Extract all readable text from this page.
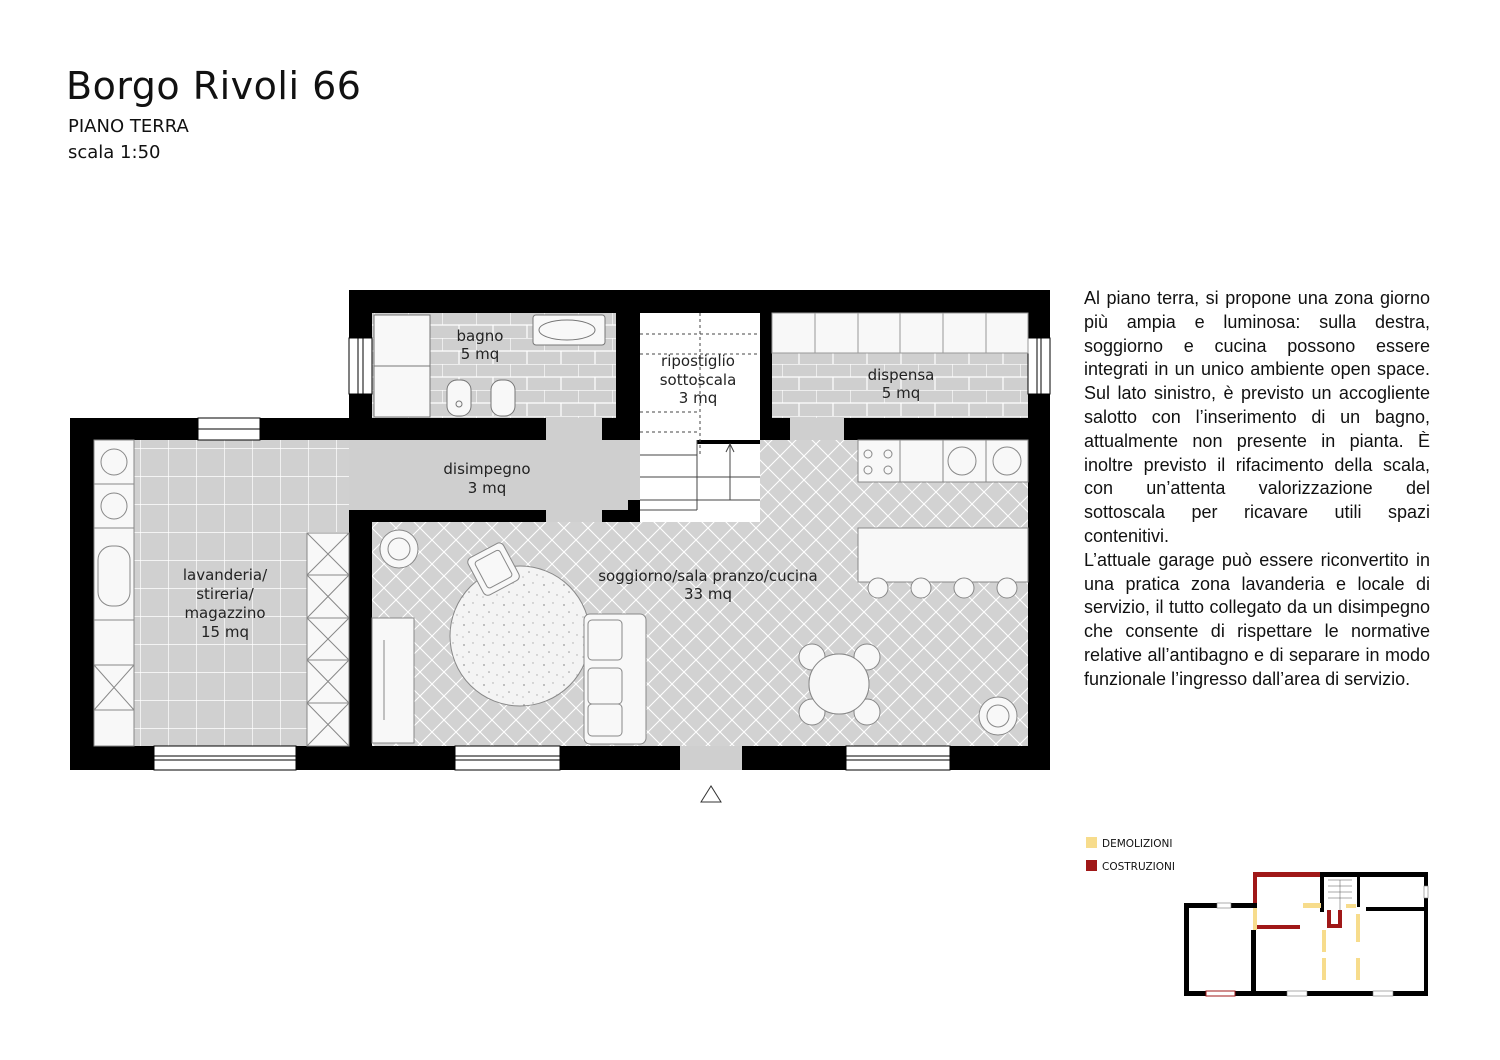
Borgo Rivoli 66
PIANO TERRA
scala 1:50
bagno
5 mq	ripostiglio
sottoscala
3 mq
dispensa
5 mq
disimpegno
3 mq
lavanderia/
stireria/
magazzino
15 mq
soggiorno/sala pranzo/cucina
33 mq
Al piano terra, si propone una zona giorno più ampia e luminosa: sulla destra, soggiorno e cucina possono essere integrati in un unico ambiente open space. Sul lato sinistro, è previsto un accogliente salotto con l’inserimento di un bagno, attualmente non presente in pianta. È inoltre previsto il rifacimento della scala, con un’attenta valorizzazione del sottoscala per ricavare utili spazi contenitivi.
L’attuale garage può essere riconvertito in una pratica zona lavanderia e locale di servizio, il tutto collegato da un disimpegno che consente di rispettare le normative relative all’antibagno e di separare in modo funzionale l’ingresso dall’area di servizio.
DEMOLIZIONI
COSTRUZIONI
